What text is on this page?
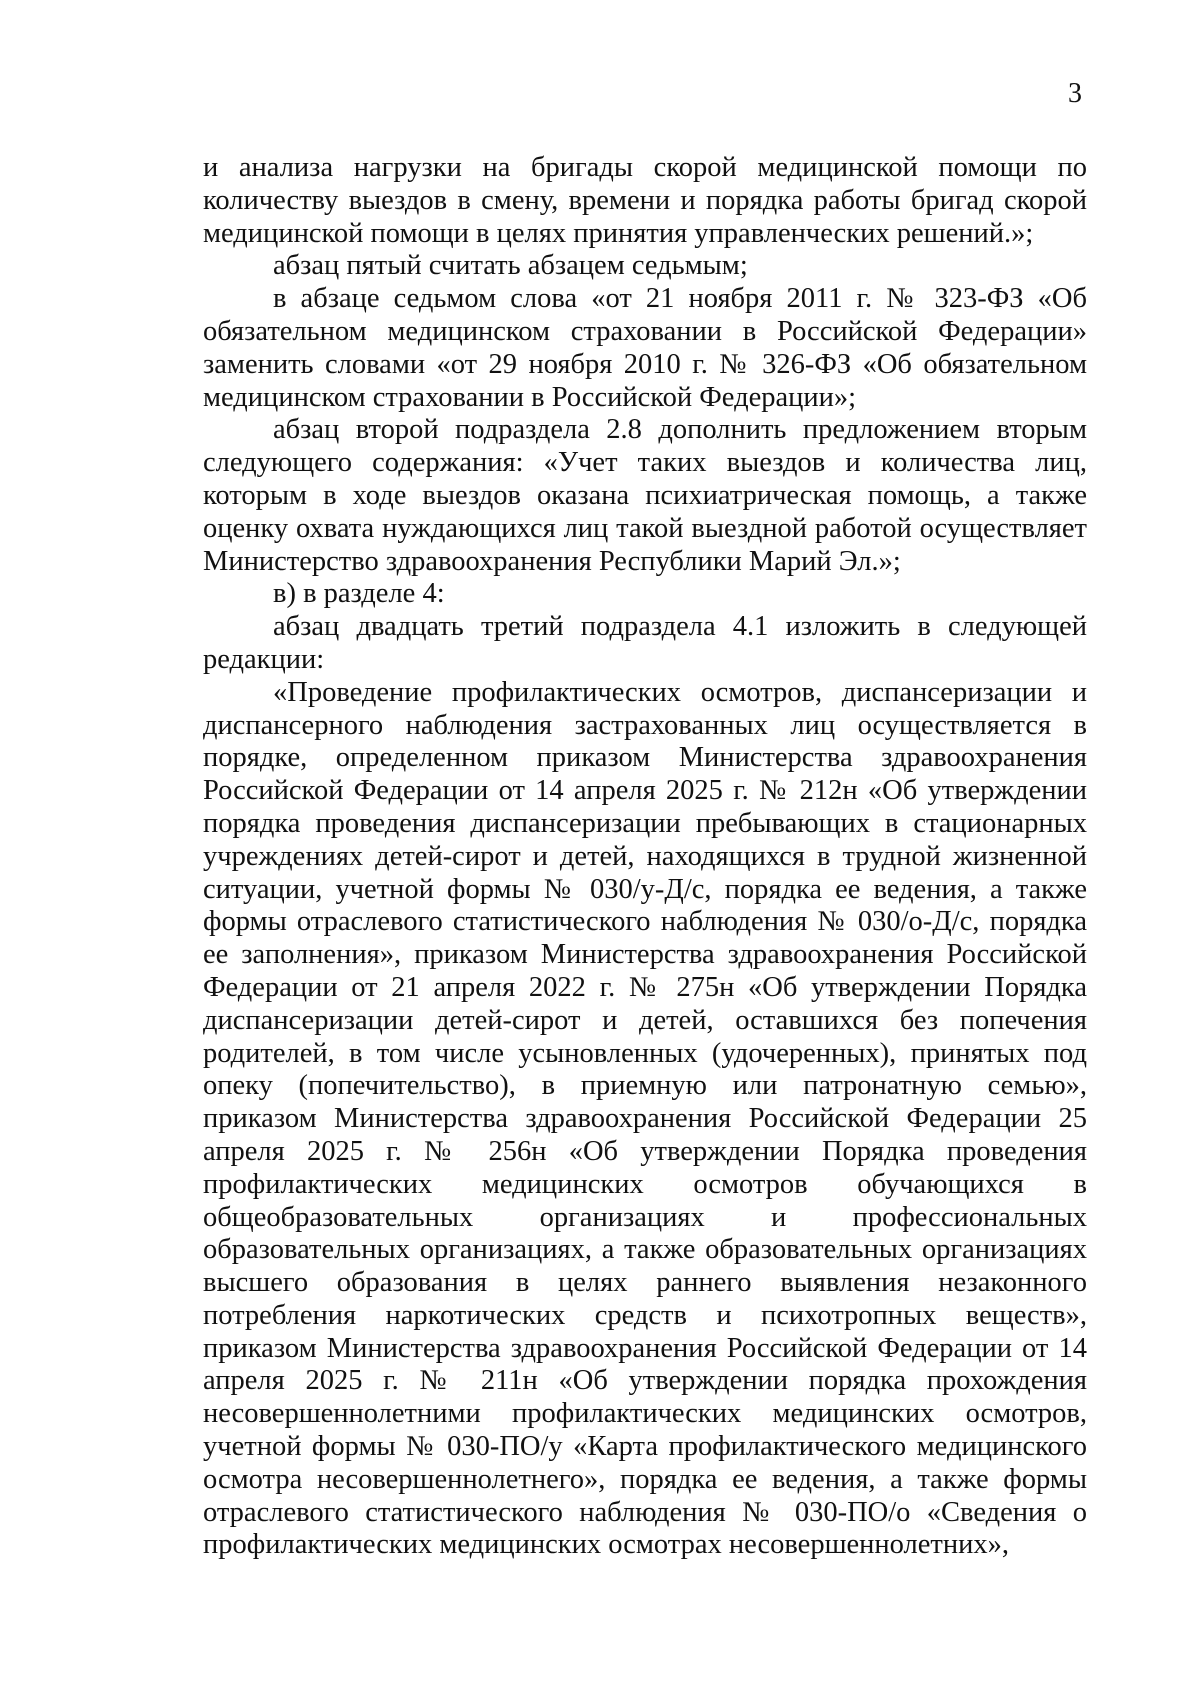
3

и анализа нагрузки на бригады скорой медицинской помощи по количеству выездов в смену, времени и порядка работы бригад скорой медицинской помощи в целях принятия управленческих решений.»;

абзац пятый считать абзацем седьмым;

в абзаце седьмом слова «от 21 ноября 2011 г. № 323-ФЗ «Об обязательном медицинском страховании в Российской Федерации» заменить словами «от 29 ноября 2010 г. № 326-ФЗ «Об обязательном медицинском страховании в Российской Федерации»;

абзац второй подраздела 2.8 дополнить предложением вторым следующего содержания: «Учет таких выездов и количества лиц, которым в ходе выездов оказана психиатрическая помощь, а также оценку охвата нуждающихся лиц такой выездной работой осуществляет Министерство здравоохранения Республики Марий Эл.»;

в) в разделе 4:

абзац двадцать третий подраздела 4.1 изложить в следующей редакции:

«Проведение профилактических осмотров, диспансеризации и диспансерного наблюдения застрахованных лиц осуществляется в порядке, определенном приказом Министерства здравоохранения Российской Федерации от 14 апреля 2025 г. № 212н «Об утверждении порядка проведения диспансеризации пребывающих в стационарных учреждениях детей-сирот и детей, находящихся в трудной жизненной ситуации, учетной формы № 030/у-Д/с, порядка ее ведения, а также формы отраслевого статистического наблюдения № 030/о-Д/с, порядка ее заполнения», приказом Министерства здравоохранения Российской Федерации от 21 апреля 2022 г. № 275н «Об утверждении Порядка диспансеризации детей-сирот и детей, оставшихся без попечения родителей, в том числе усыновленных (удочеренных), принятых под опеку (попечительство), в приемную или патронатную семью», приказом Министерства здравоохранения Российской Федерации 25 апреля 2025 г. № 256н «Об утверждении Порядка проведения профилактических медицинских осмотров обучающихся в общеобразовательных организациях и профессиональных образовательных организациях, а также образовательных организациях высшего образования в целях раннего выявления незаконного потребления наркотических средств и психотропных веществ», приказом Министерства здравоохранения Российской Федерации от 14 апреля 2025 г. № 211н «Об утверждении порядка прохождения несовершеннолетними профилактических медицинских осмотров, учетной формы № 030-ПО/у «Карта профилактического медицинского осмотра несовершеннолетнего», порядка ее ведения, а также формы отраслевого статистического наблюдения № 030-ПО/о «Сведения о профилактических медицинских осмотрах несовершеннолетних»,
